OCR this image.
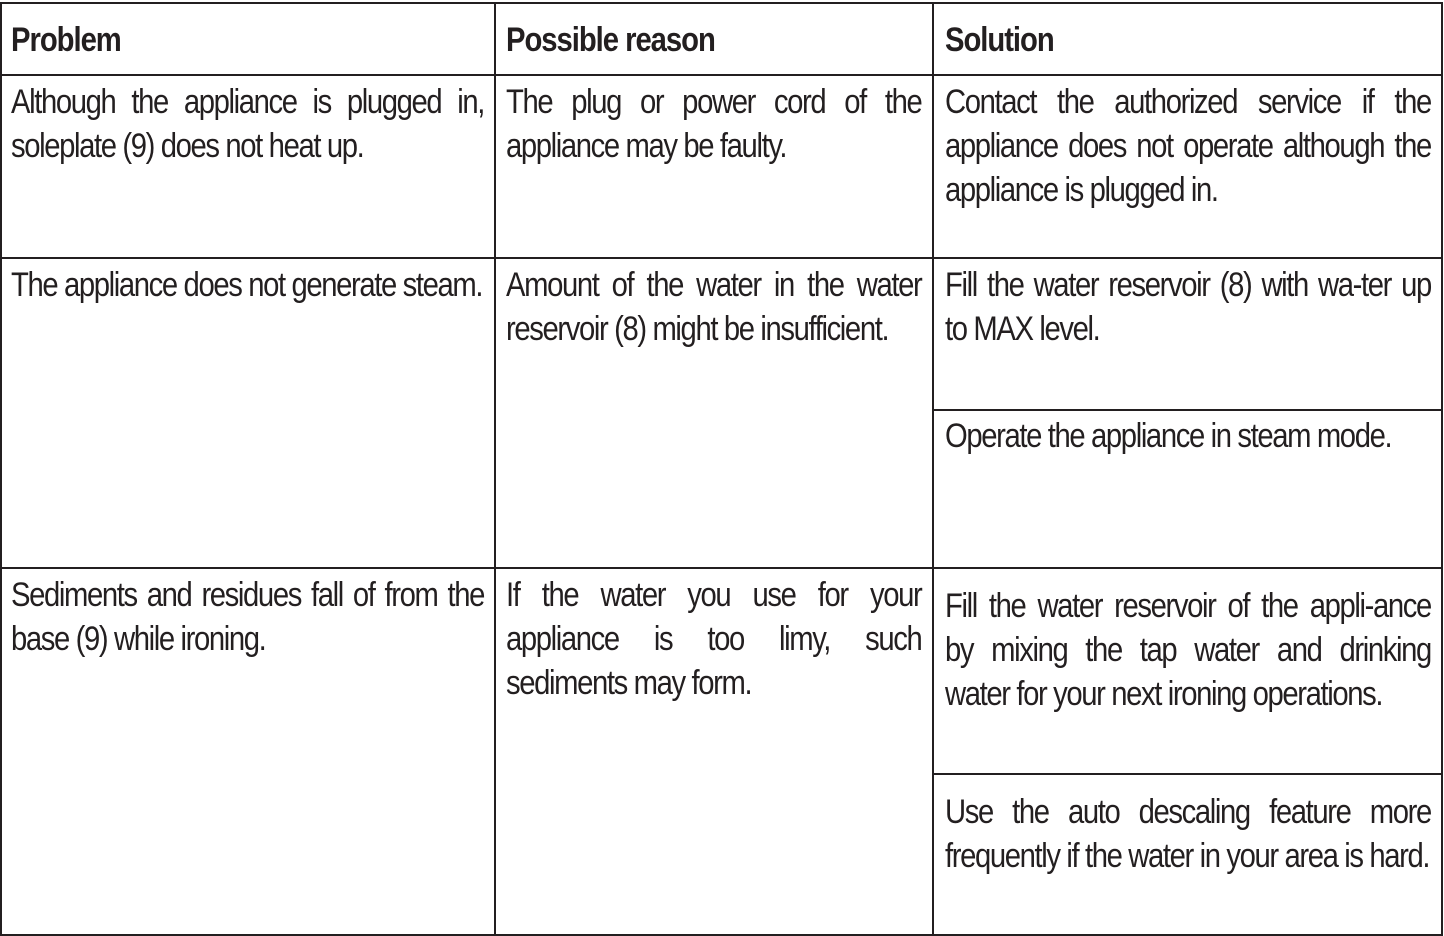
Problem	Possible reason	Solution
Although the appliance is plugged in, soleplate (9) does not heat up.
The plug or power cord of the appliance may be faulty.
Contact the authorized service if the appliance does not operate although the appliance is plugged in.
The appliance does not generate steam. Amount of the water in the water reservoir (8) might be insufficient.
Fill the water reservoir (8) with wa-ter up to MAX level.
Operate the appliance in steam mode.
Sediments and residues fall of from the base (9) while ironing.
If the water you use for your appliance is too limy, such sediments may form.
Fill the water reservoir of the appli-ance by mixing the tap water and drinking water for your next ironing operations.
Use the auto descaling feature more frequently if the water in your area is hard.
